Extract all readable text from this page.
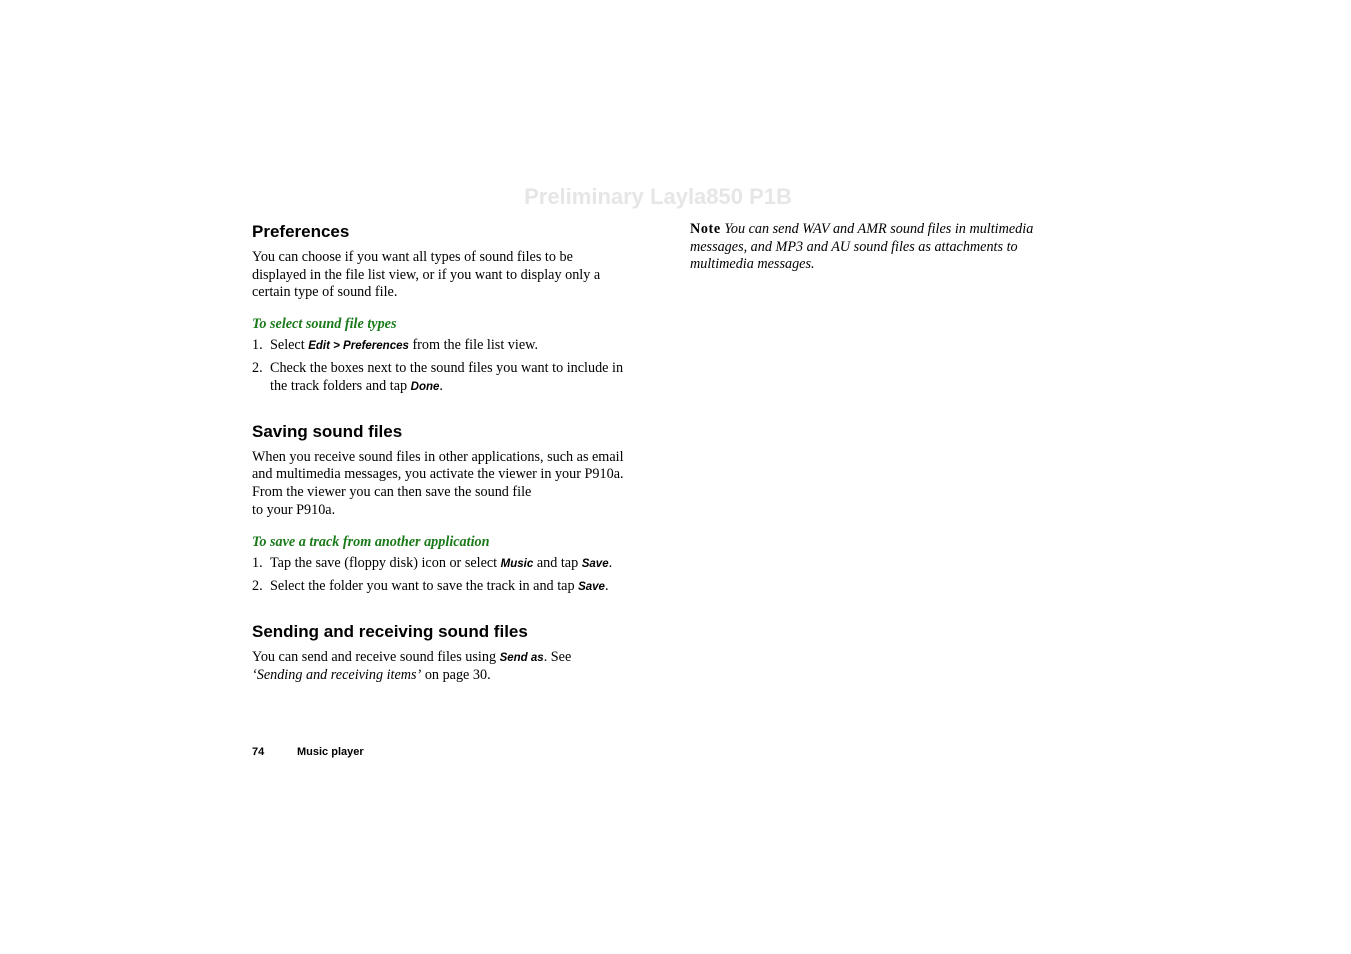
Preliminary Layla850 P1B
Preferences

You can choose if you want all types of sound files to be displayed in the file list view, or if you want to display only a certain type of sound file.

To select sound file types

1. Select Edit > Preferences from the file list view.
2. Check the boxes next to the sound files you want to include in the track folders and tap Done.
Saving sound files

When you receive sound files in other applications, such as email and multimedia messages, you activate the viewer in your P910a. From the viewer you can then save the sound file
to your P910a.

To save a track from another application

1. Tap the save (floppy disk) icon or select Music and tap Save.
2. Select the folder you want to save the track in and tap Save.
Sending and receiving sound files

You can send and receive sound files using Send as. See
‘Sending and receiving items’ on page 30.

Note You can send WAV and AMR sound files in multimedia messages, and MP3 and AU sound files as attachments to multimedia messages.

74	Music player
